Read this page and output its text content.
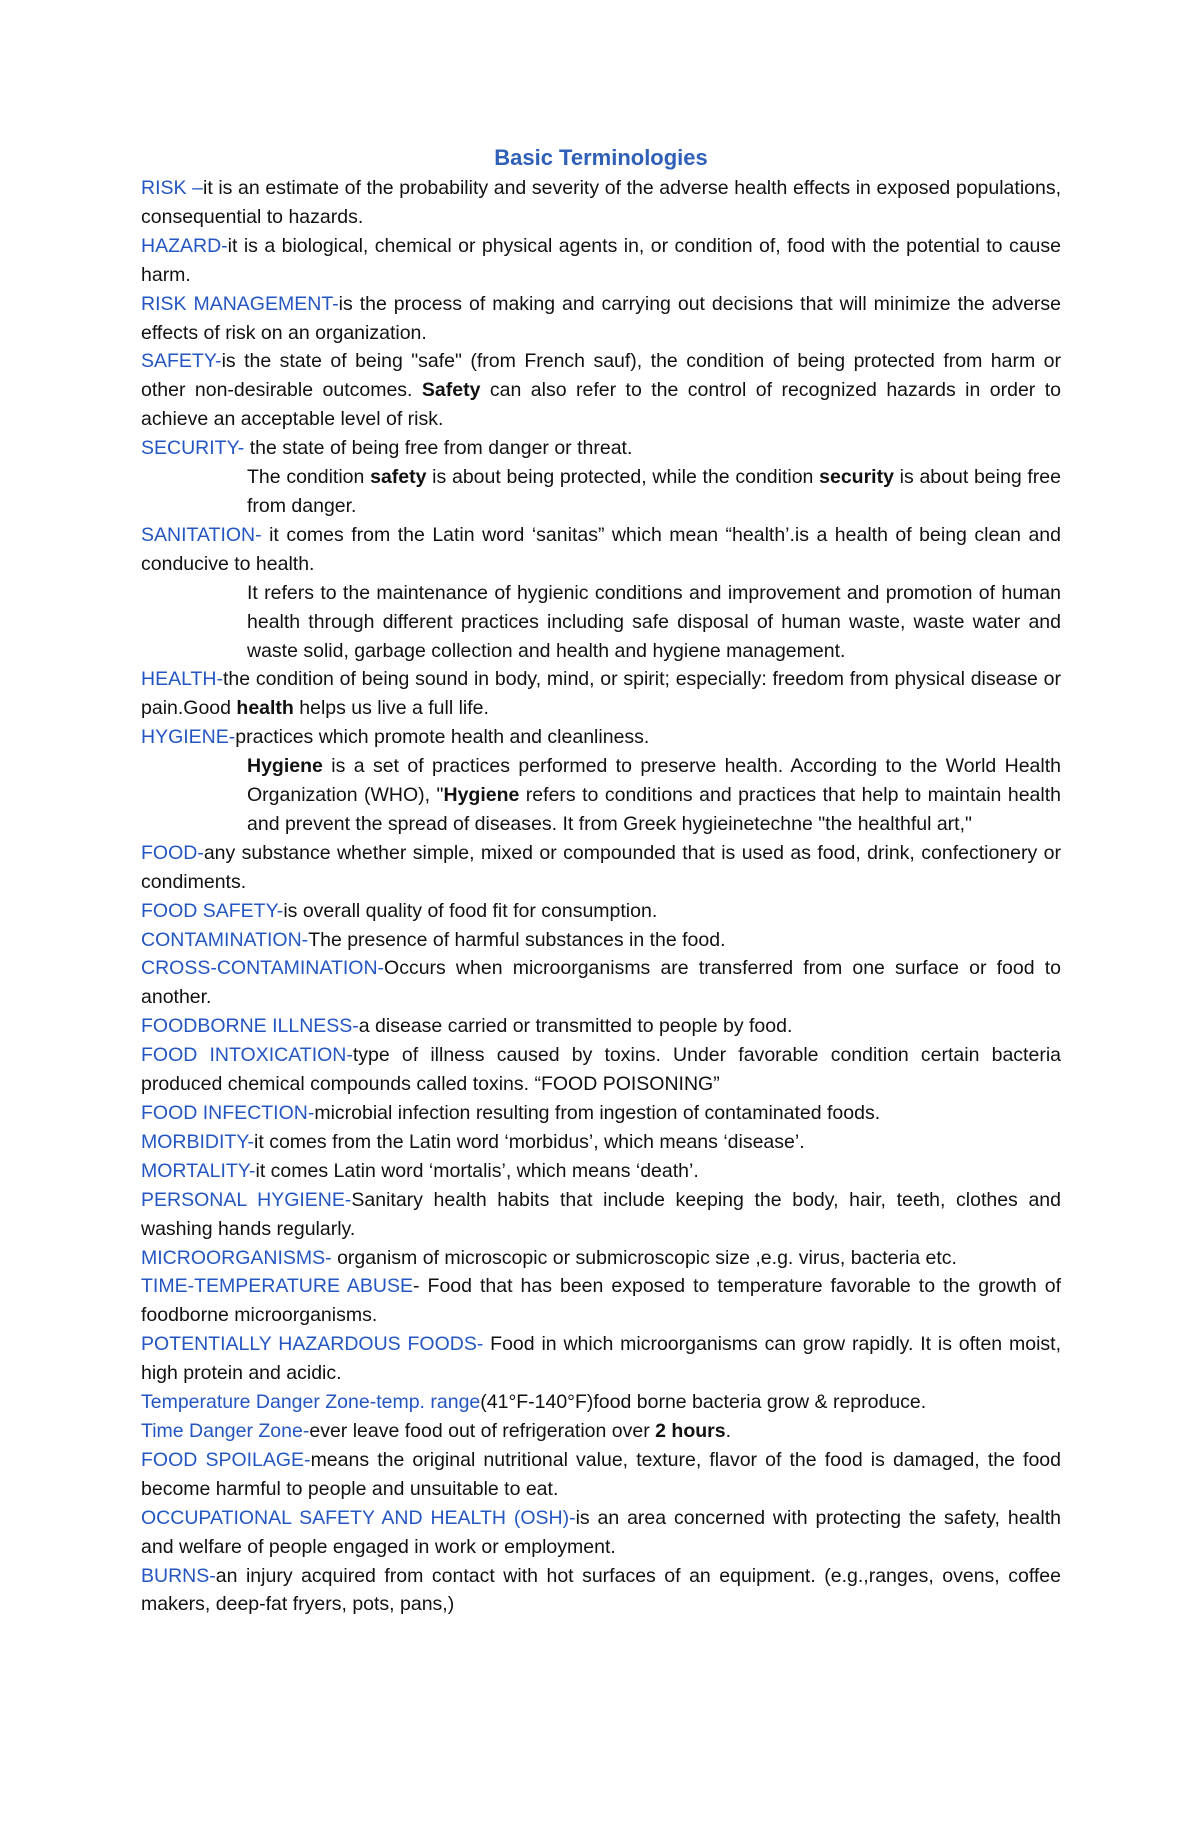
Basic Terminologies

RISK –it is an estimate of the probability and severity of the adverse health effects in exposed populations, consequential to hazards.

HAZARD-it is a biological, chemical or physical agents in, or condition of, food with the potential to cause harm.

RISK MANAGEMENT-is the process of making and carrying out decisions that will minimize the adverse effects of risk on an organization.

SAFETY-is the state of being "safe" (from French sauf), the condition of being protected from harm or other non-desirable outcomes. Safety can also refer to the control of recognized hazards in order to achieve an acceptable level of risk.

SECURITY- the state of being free from danger or threat.

The condition safety is about being protected, while the condition security is about being free from danger.

SANITATION- it comes from the Latin word ‘sanitas” which mean “health’.is a health of being clean and conducive to health.

It refers to the maintenance of hygienic conditions and improvement and promotion of human health through different practices including safe disposal of human waste, waste water and waste solid, garbage collection and health and hygiene management.

HEALTH-the condition of being sound in body, mind, or spirit; especially: freedom from physical disease or pain.Good health helps us live a full life.

HYGIENE-practices which promote health and cleanliness.

Hygiene is a set of practices performed to preserve health. According to the World Health Organization (WHO), "Hygiene refers to conditions and practices that help to maintain health and prevent the spread of diseases. It from Greek hygieinetechne "the healthful art,"

FOOD-any substance whether simple, mixed or compounded that is used as food, drink, confectionery or condiments.

FOOD SAFETY-is overall quality of food fit for consumption.

CONTAMINATION-The presence of harmful substances in the food.

CROSS-CONTAMINATION-Occurs when microorganisms are transferred from one surface or food to another.

FOODBORNE ILLNESS-a disease carried or transmitted to people by food.

FOOD INTOXICATION-type of illness caused by toxins. Under favorable condition certain bacteria produced chemical compounds called toxins. “FOOD POISONING”

FOOD INFECTION-microbial infection resulting from ingestion of contaminated foods.

MORBIDITY-it comes from the Latin word ‘morbidus’, which means ‘disease’.

MORTALITY-it comes Latin word ‘mortalis’, which means ‘death’.

PERSONAL HYGIENE-Sanitary health habits that include keeping the body, hair, teeth, clothes and washing hands regularly.

MICROORGANISMS- organism of microscopic or submicroscopic size ,e.g. virus, bacteria etc.

TIME-TEMPERATURE ABUSE- Food that has been exposed to temperature favorable to the growth of foodborne microorganisms.

POTENTIALLY HAZARDOUS FOODS- Food in which microorganisms can grow rapidly. It is often moist, high protein and acidic.

Temperature Danger Zone-temp. range(41°F-140°F)food borne bacteria grow & reproduce.

Time Danger Zone-ever leave food out of refrigeration over 2 hours.

FOOD SPOILAGE-means the original nutritional value, texture, flavor of the food is damaged, the food become harmful to people and unsuitable to eat.

OCCUPATIONAL SAFETY AND HEALTH (OSH)-is an area concerned with protecting the safety, health and welfare of people engaged in work or employment.

BURNS-an injury acquired from contact with hot surfaces of an equipment. (e.g.,ranges, ovens, coffee makers, deep-fat fryers, pots, pans,)
